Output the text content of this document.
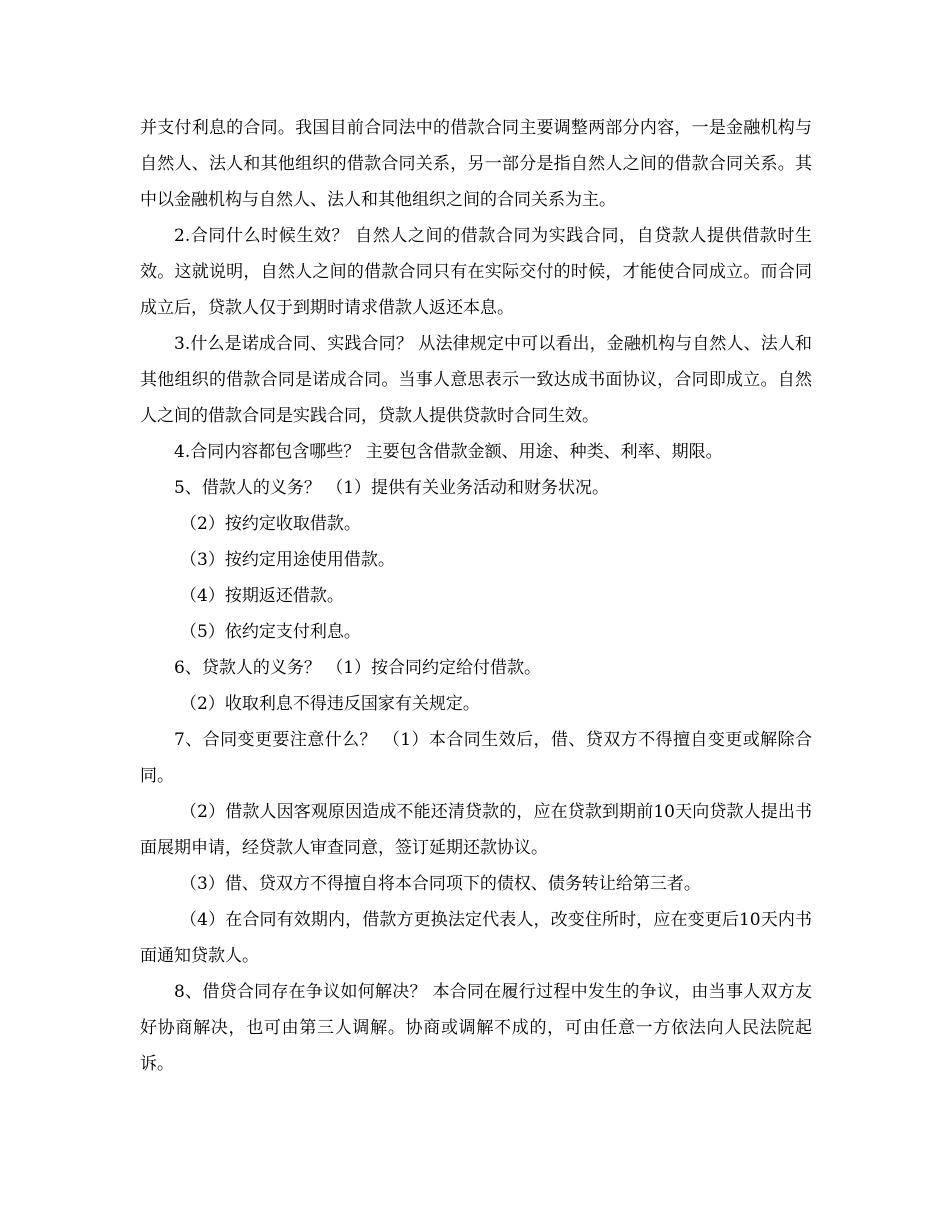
并支付利息的合同。我国目前合同法中的借款合同主要调整两部分内容，一是金融机构与自然人、法人和其他组织的借款合同关系，另一部分是指自然人之间的借款合同关系。其中以金融机构与自然人、法人和其他组织之间的合同关系为主。

2.合同什么时候生效？ 自然人之间的借款合同为实践合同，自贷款人提供借款时生效。这就说明，自然人之间的借款合同只有在实际交付的时候，才能使合同成立。而合同成立后，贷款人仅于到期时请求借款人返还本息。

3.什么是诺成合同、实践合同？ 从法律规定中可以看出，金融机构与自然人、法人和其他组织的借款合同是诺成合同。当事人意思表示一致达成书面协议，合同即成立。自然人之间的借款合同是实践合同，贷款人提供贷款时合同生效。

4.合同内容都包含哪些？ 主要包含借款金额、用途、种类、利率、期限。

5、借款人的义务？ （1）提供有关业务活动和财务状况。

（2）按约定收取借款。

（3）按约定用途使用借款。

（4）按期返还借款。

（5）依约定支付利息。

6、贷款人的义务？ （1）按合同约定给付借款。

（2）收取利息不得违反国家有关规定。

7、合同变更要注意什么？ （1）本合同生效后，借、贷双方不得擅自变更或解除合同。

（2）借款人因客观原因造成不能还清贷款的，应在贷款到期前10天向贷款人提出书面展期申请，经贷款人审查同意，签订延期还款协议。

（3）借、贷双方不得擅自将本合同项下的债权、债务转让给第三者。

（4）在合同有效期内，借款方更换法定代表人，改变住所时，应在变更后10天内书面通知贷款人。

8、借贷合同存在争议如何解决？ 本合同在履行过程中发生的争议，由当事人双方友好协商解决，也可由第三人调解。协商或调解不成的，可由任意一方依法向人民法院起诉。
